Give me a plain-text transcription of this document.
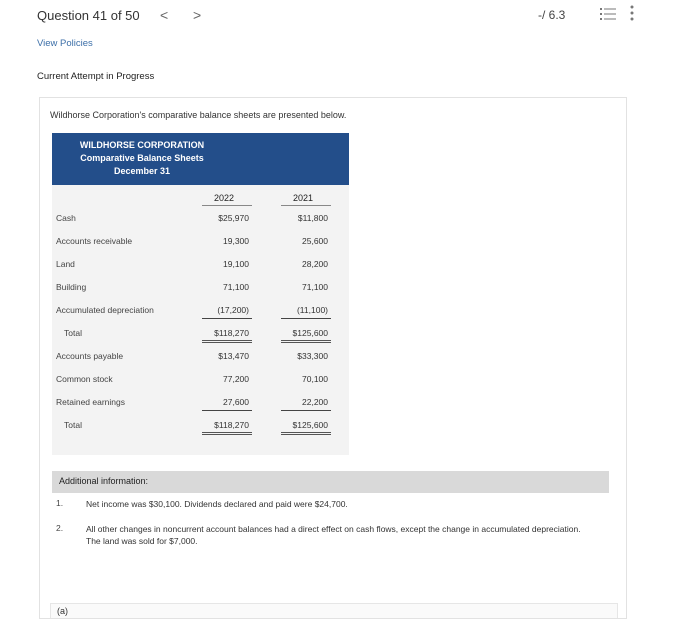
Question 41 of 50 < >	-/ 6.3
View Policies
Current Attempt in Progress
Wildhorse Corporation's comparative balance sheets are presented below.
WILDHORSE CORPORATION
Comparative Balance Sheets
December 31
2022	2021
Cash	$25,970	$11,800
Accounts receivable	19,300	25,600
Land	19,100	28,200
Building	71,100	71,100
Accumulated depreciation	(17,200)	(11,100)
Total	$118,270	$125,600
Accounts payable	$13,470	$33,300
Common stock	77,200	70,100
Retained earnings	27,600	22,200
Total	$118,270	$125,600
Additional information:
1.	Net income was $30,100. Dividends declared and paid were $24,700.
2.	All other changes in noncurrent account balances had a direct effect on cash flows, except the change in accumulated depreciation. The land was sold for $7,000.
(a)
